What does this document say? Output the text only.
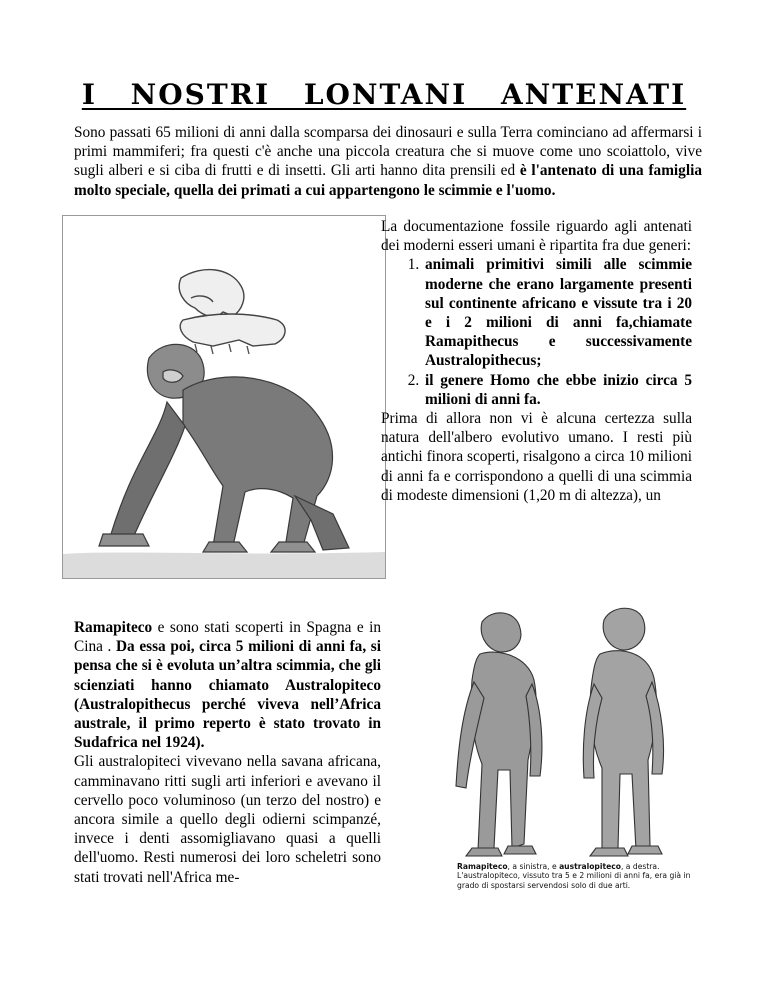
I NOSTRI LONTANI ANTENATI
Sono passati 65 milioni di anni dalla scomparsa dei dinosauri e sulla Terra cominciano ad affermarsi i primi mammiferi; fra questi c'è anche una piccola creatura che si muove come uno scoiattolo, vive sugli alberi e si ciba di frutti e di insetti. Gli arti hanno dita prensili ed è l'antenato di una famiglia molto speciale, quella dei primati a cui appartengono le scimmie e l'uomo.
La documentazione fossile riguardo agli antenati dei moderni esseri umani è ripartita fra due generi:
1. animali primitivi simili alle scimmie moderne che erano largamente presenti sul continente africano e vissute tra i 20 e i 2 milioni di anni fa,chiamate Ramapithecus e successivamente Australopithecus;
2. il genere Homo che ebbe inizio circa 5 milioni di anni fa.
Prima di allora non vi è alcuna certezza sulla natura dell'albero evolutivo umano. I resti più antichi finora scoperti, risalgono a circa 10 milioni di anni fa e corrispondono a quelli di una scimmia di modeste dimensioni (1,20 m di altezza), un
Ramapiteco e sono stati scoperti in Spagna e in Cina . Da essa poi, circa 5 milioni di anni fa, si pensa che si è evoluta un’altra scimmia, che gli scienziati hanno chiamato Australopiteco (Australopithecus perché viveva nell’Africa australe, il primo reperto è stato trovato in Sudafrica nel 1924).
Gli australopiteci vivevano nella savana africana, camminavano ritti sugli arti inferiori e avevano il cervello poco voluminoso (un terzo del nostro) e ancora simile a quello degli odierni scimpanzé, invece i denti assomigliavano quasi a quelli dell'uomo. Resti numerosi dei loro scheletri sono stati trovati nell'Africa me-
Ramapiteco, a sinistra, e australopiteco, a destra. L'australopiteco, vissuto tra 5 e 2 milioni di anni fa, era già in grado di spostarsi servendosi solo di due arti.
